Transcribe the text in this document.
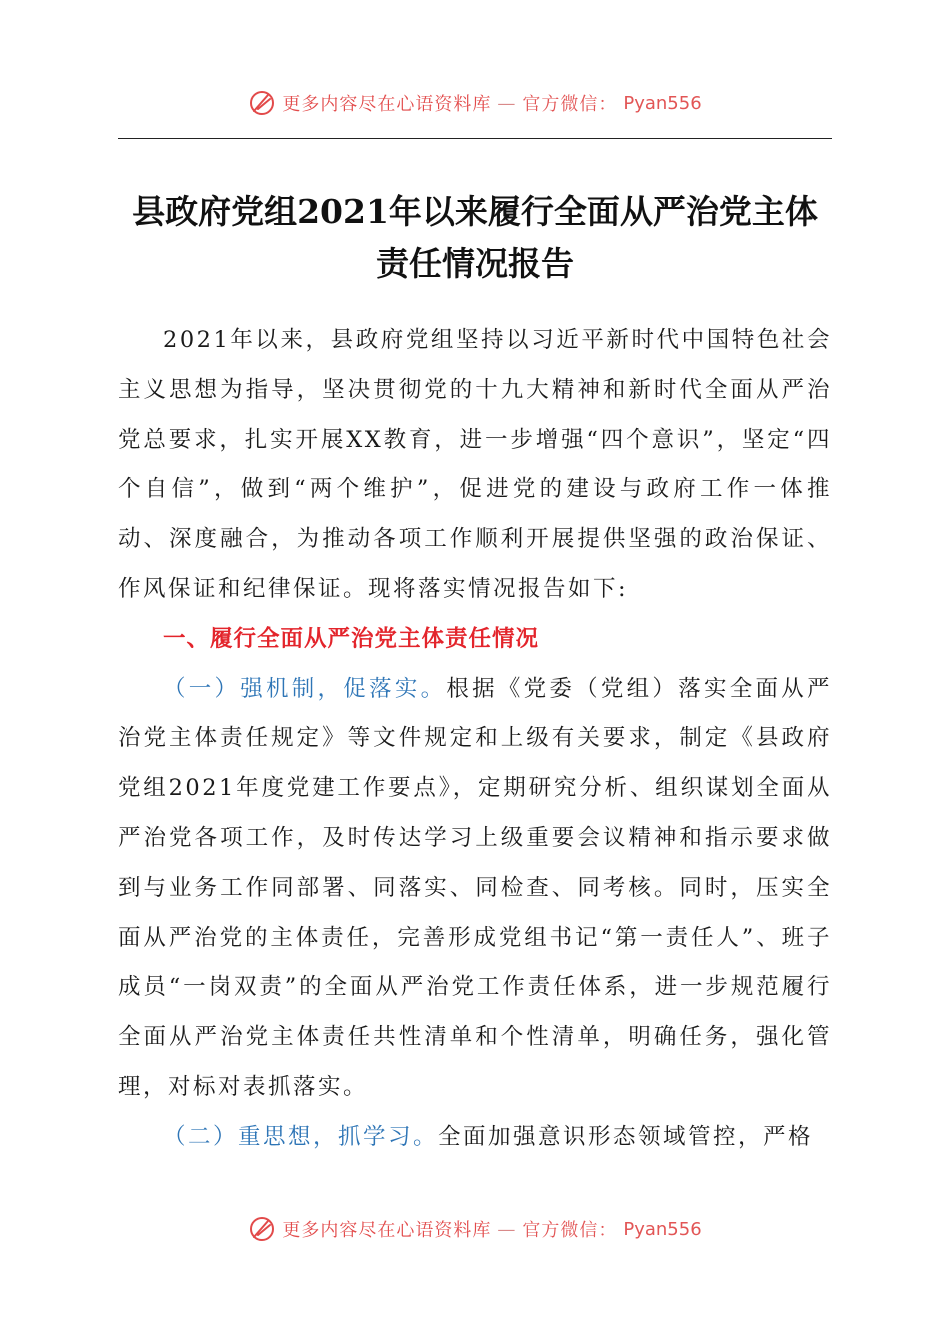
更多内容尽在心语资料库 — 官方微信： Pyan556
县政府党组2021年以来履行全面从严治党主体责任情况报告

2021年以来，县政府党组坚持以习近平新时代中国特色社会主义思想为指导，坚决贯彻党的十九大精神和新时代全面从严治党总要求，扎实开展XX教育，进一步增强“四个意识”，坚定“四个自信”，做到“两个维护”，促进党的建设与政府工作一体推动、深度融合，为推动各项工作顺利开展提供坚强的政治保证、作风保证和纪律保证。现将落实情况报告如下:

一、履行全面从严治党主体责任情况

（一）强机制，促落实。根据《党委（党组）落实全面从严治党主体责任规定》等文件规定和上级有关要求，制定《县政府党组2021年度党建工作要点》，定期研究分析、组织谋划全面从严治党各项工作，及时传达学习上级重要会议精神和指示要求做到与业务工作同部署、同落实、同检查、同考核。同时，压实全面从严治党的主体责任，完善形成党组书记“第一责任人”、班子成员“一岗双责”的全面从严治党工作责任体系，进一步规范履行全面从严治党主体责任共性清单和个性清单，明确任务，强化管理，对标对表抓落实。

（二）重思想，抓学习。全面加强意识形态领域管控，严格

更多内容尽在心语资料库 — 官方微信： Pyan556
